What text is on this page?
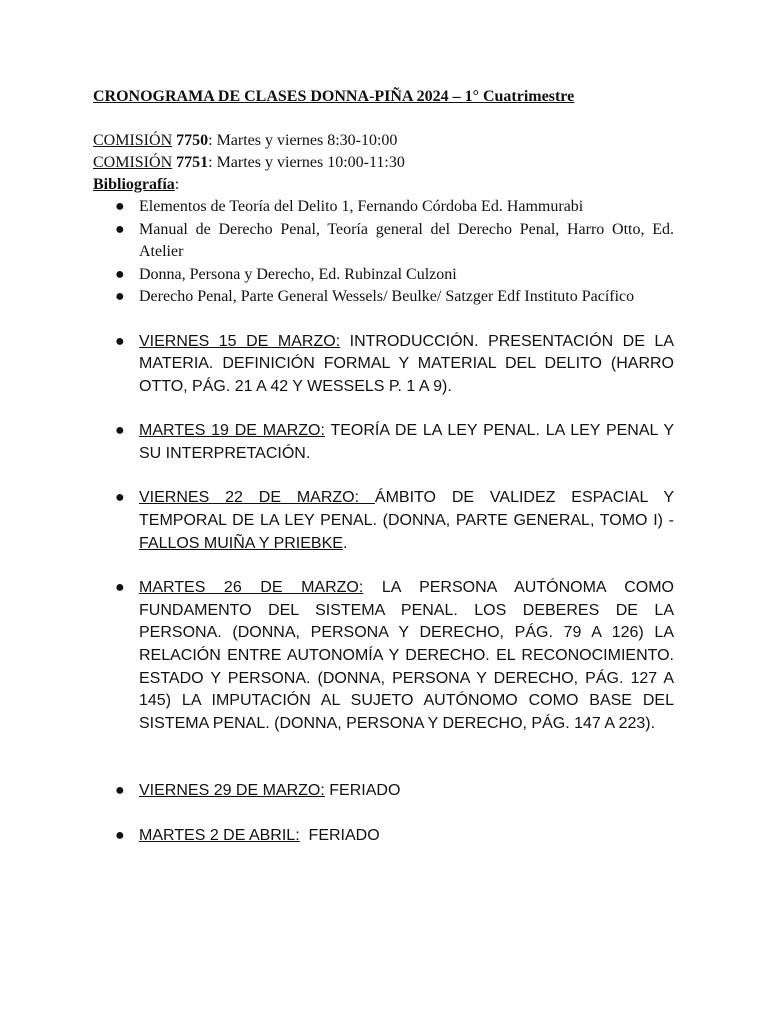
CRONOGRAMA DE CLASES DONNA-PIÑA 2024 – 1° Cuatrimestre
COMISIÓN 7750: Martes y viernes 8:30-10:00
COMISIÓN 7751: Martes y viernes 10:00-11:30
Bibliografía:
● Elementos de Teoría del Delito 1, Fernando Córdoba Ed. Hammurabi
● Manual de Derecho Penal, Teoría general del Derecho Penal, Harro Otto, Ed. Atelier
● Donna, Persona y Derecho, Ed. Rubinzal Culzoni
● Derecho Penal, Parte General Wessels/ Beulke/ Satzger Edf Instituto Pacífico
● VIERNES 15 DE MARZO: INTRODUCCIÓN. PRESENTACIÓN DE LA MATERIA. DEFINICIÓN FORMAL Y MATERIAL DEL DELITO (HARRO OTTO, PÁG. 21 A 42 Y WESSELS P. 1 A 9).
● MARTES 19 DE MARZO: TEORÍA DE LA LEY PENAL. LA LEY PENAL Y SU INTERPRETACIÓN.
● VIERNES 22 DE MARZO: ÁMBITO DE VALIDEZ ESPACIAL Y TEMPORAL DE LA LEY PENAL. (DONNA, PARTE GENERAL, TOMO I) - FALLOS MUIÑA Y PRIEBKE.
● MARTES 26 DE MARZO: LA PERSONA AUTÓNOMA COMO FUNDAMENTO DEL SISTEMA PENAL. LOS DEBERES DE LA PERSONA. (DONNA, PERSONA Y DERECHO, PÁG. 79 A 126) LA RELACIÓN ENTRE AUTONOMÍA Y DERECHO. EL RECONOCIMIENTO. ESTADO Y PERSONA. (DONNA, PERSONA Y DERECHO, PÁG. 127 A 145) LA IMPUTACIÓN AL SUJETO AUTÓNOMO COMO BASE DEL SISTEMA PENAL. (DONNA, PERSONA Y DERECHO, PÁG. 147 A 223).
● VIERNES 29 DE MARZO: FERIADO
● MARTES 2 DE ABRIL:  FERIADO
